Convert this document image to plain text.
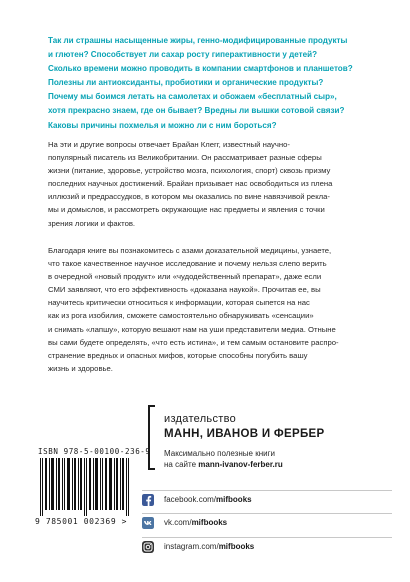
Так ли страшны насыщенные жиры, генно-модифицированные продукты
и глютен? Способствует ли сахар росту гиперактивности у детей?
Сколько времени можно проводить в компании смартфонов и планшетов?
Полезны ли антиоксиданты, пробиотики и органические продукты?
Почему мы боимся летать на самолетах и обожаем «бесплатный сыр»,
хотя прекрасно знаем, где он бывает? Вредны ли вышки сотовой связи?
Каковы причины похмелья и можно ли с ним бороться?
На эти и другие вопросы отвечает Брайан Клегг, известный научно-
популярный писатель из Великобритании. Он рассматривает разные сферы
жизни (питание, здоровье, устройство мозга, психология, спорт) сквозь призму
последних научных достижений. Брайан призывает нас освободиться из плена
иллюзий и предрассудков, в котором мы оказались по вине навязчивой рекла-
мы и домыслов, и рассмотреть окружающие нас предметы и явления с точки
зрения логики и фактов.
Благодаря книге вы познакомитесь с азами доказательной медицины, узнаете,
что такое качественное научное исследование и почему нельзя слепо верить
в очередной «новый продукт» или «чудодейственный препарат», даже если
СМИ заявляют, что его эффективность «доказана наукой». Прочитав ее, вы
научитесь критически относиться к информации, которая сыпется на нас
как из рога изобилия, сможете самостоятельно обнаруживать «сенсации»
и снимать «лапшу», которую вешают нам на уши представители медиа. Отныне
вы сами будете определять, «что есть истина», и тем самым остановите распро-
странение вредных и опасных мифов, которые способны погубить вашу
жизнь и здоровье.
издательство
МАНН, ИВАНОВ И ФЕРБЕР
Максимально полезные книги
на сайте mann-ivanov-ferber.ru
ISBN 978-5-00100-236-9
9 785001 002369 >
facebook.com/mifbooks
vk.com/mifbooks
instagram.com/mifbooks
